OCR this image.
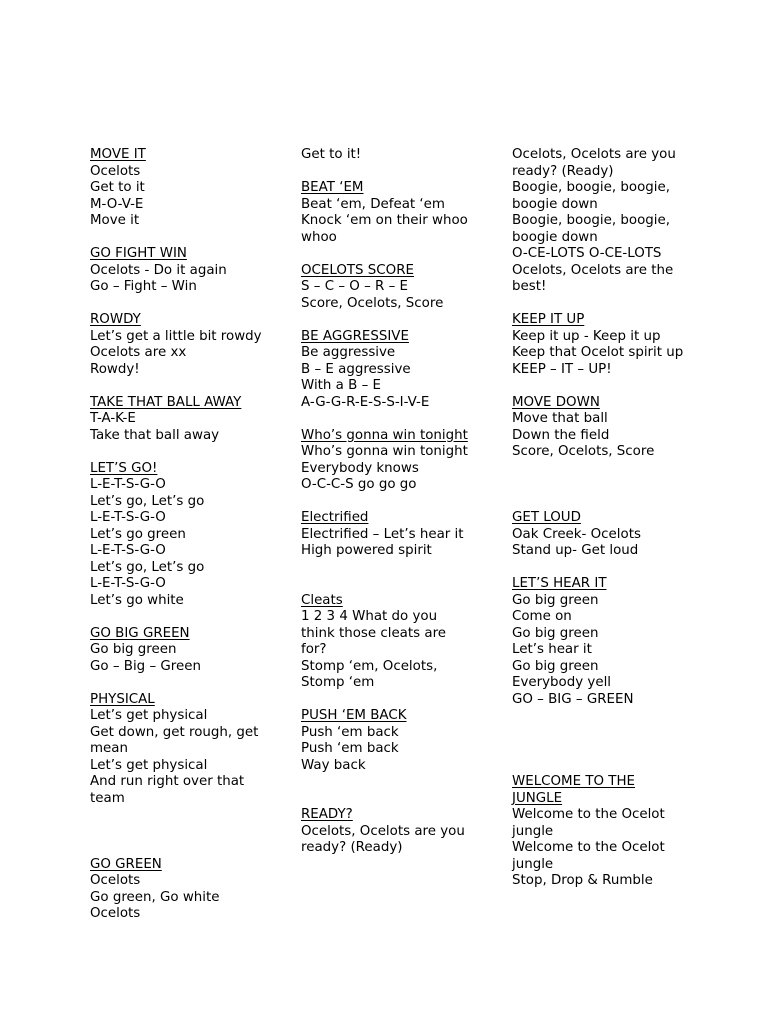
MOVE IT
Ocelots
Get to it
M-O-V-E
Move it
GO FIGHT WIN
Ocelots - Do it again
Go – Fight – Win
ROWDY
Let’s get a little bit rowdy
Ocelots are xx
Rowdy!
TAKE THAT BALL AWAY
T-A-K-E
Take that ball away
LET’S GO!
L-E-T-S-G-O
Let’s go, Let’s go
L-E-T-S-G-O
Let’s go green
L-E-T-S-G-O
Let’s go, Let’s go
L-E-T-S-G-O
Let’s go white
GO BIG GREEN
Go big green
Go – Big – Green
PHYSICAL
Let’s get physical
Get down, get rough, get mean
Let’s get physical
And run right over that team
GO GREEN
Ocelots
Go green, Go white
Ocelots
Get to it!
BEAT ‘EM
Beat ‘em, Defeat ‘em
Knock ‘em on their whoo whoo
OCELOTS SCORE
S – C – O – R – E
Score, Ocelots, Score
BE AGGRESSIVE
Be aggressive
B – E aggressive
With a B – E
A-G-G-R-E-S-S-I-V-E
Who’s gonna win tonight
Who’s gonna win tonight
Everybody knows
O-C-C-S go go go
Electrified
Electrified – Let’s hear it
High powered spirit
Cleats
1 2 3 4 What do you think those cleats are for?
Stomp ‘em, Ocelots, Stomp ‘em
PUSH ‘EM BACK
Push ‘em back
Push ‘em back
Way back
READY?
Ocelots, Ocelots are you ready? (Ready)
Ocelots, Ocelots are you ready? (Ready)
Boogie, boogie, boogie, boogie down
Boogie, boogie, boogie, boogie down
O-CE-LOTS O-CE-LOTS
Ocelots, Ocelots are the best!
KEEP IT UP
Keep it up - Keep it up
Keep that Ocelot spirit up
KEEP – IT – UP!
MOVE DOWN
Move that ball
Down the field
Score, Ocelots, Score
GET LOUD
Oak Creek- Ocelots
Stand up- Get loud
LET’S HEAR IT
Go big green
Come on
Go big green
Let’s hear it
Go big green
Everybody yell
GO – BIG – GREEN
WELCOME TO THE JUNGLE
Welcome to the Ocelot jungle
Welcome to the Ocelot jungle
Stop, Drop & Rumble
